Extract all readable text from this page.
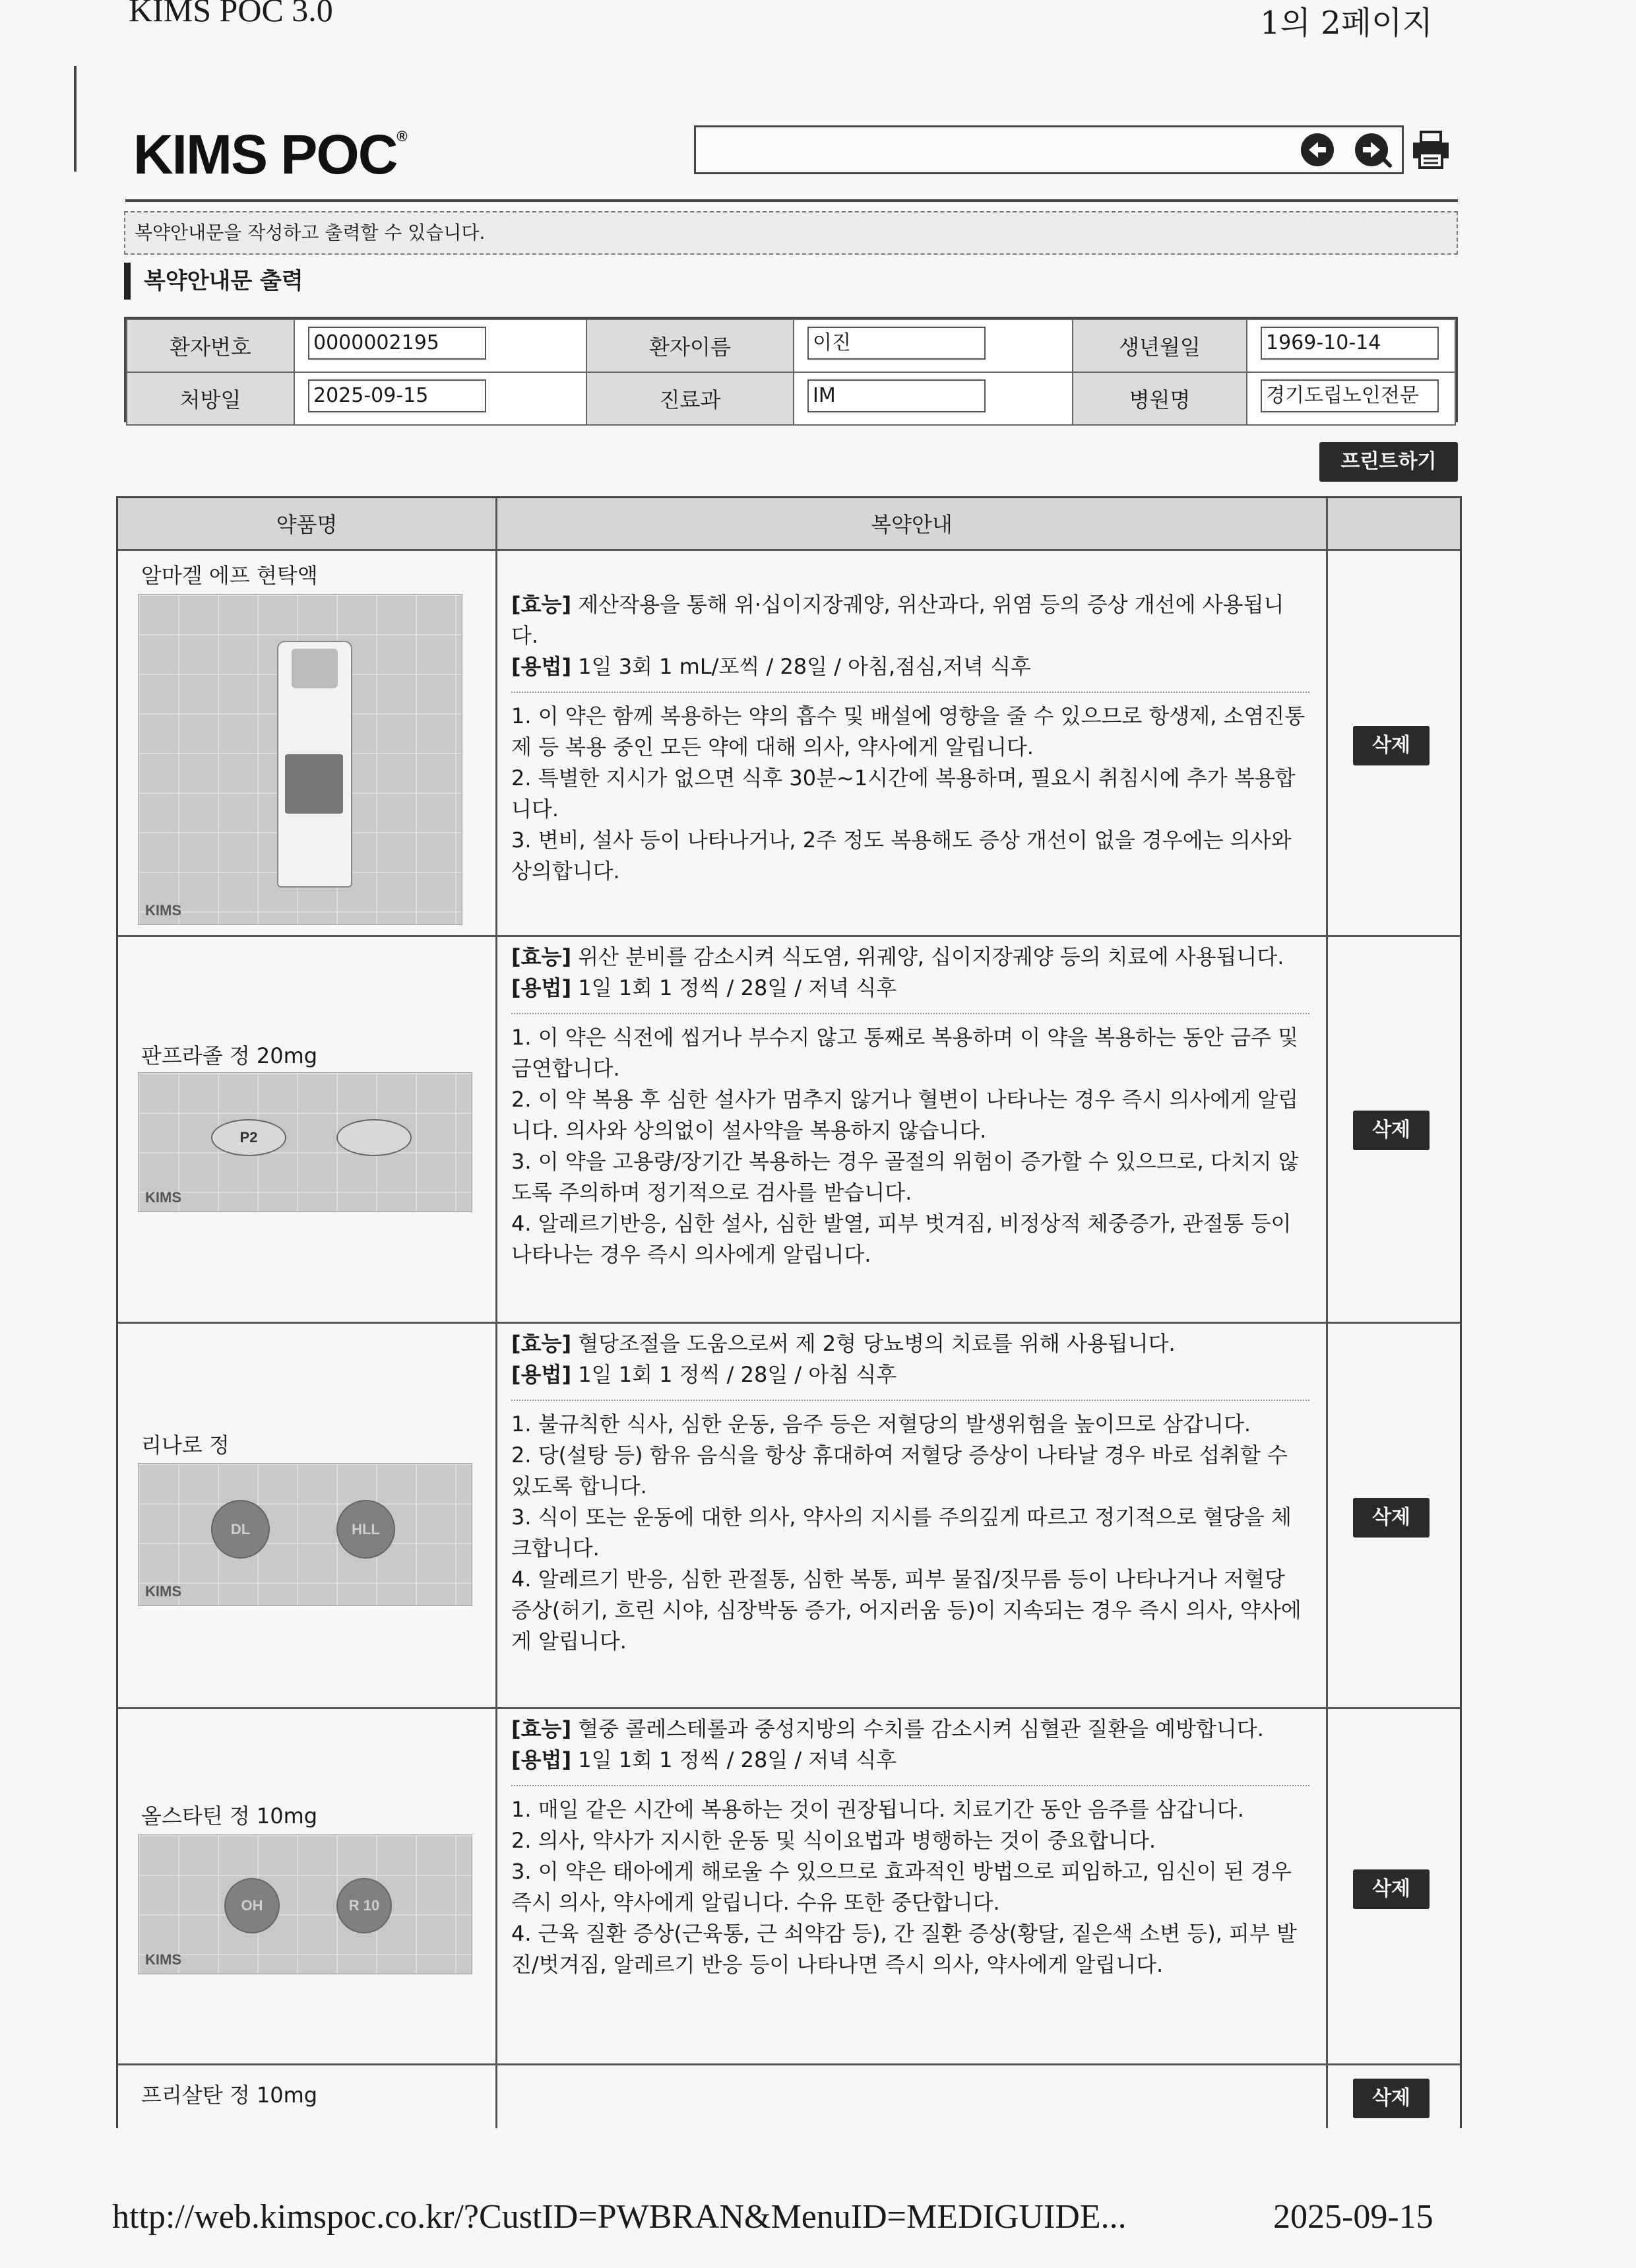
KIMS POC 3.0	1의 2페이지
KIMS POC®
복약안내문을 작성하고 출력할 수 있습니다.
복약안내문 출력
환자번호	0000002195	환자이름	이진	생년월일	1969-10-14
처방일	2025-09-15	진료과	IM	병원명	경기도립노인전문
프린트하기
약품명	복약안내
알마겔 에프 현탁액
KIMS
[효능] 제산작용을 통해 위·십이지장궤양, 위산과다, 위염 등의 증상 개선에 사용됩니다.
[용법] 1일 3회 1 mL/포씩 / 28일 / 아침,점심,저녁 식후
1. 이 약은 함께 복용하는 약의 흡수 및 배설에 영향을 줄 수 있으므로 항생제, 소염진통제 등 복용 중인 모든 약에 대해 의사, 약사에게 알립니다.
2. 특별한 지시가 없으면 식후 30분~1시간에 복용하며, 필요시 취침시에 추가 복용합니다.
3. 변비, 설사 등이 나타나거나, 2주 정도 복용해도 증상 개선이 없을 경우에는 의사와 상의합니다.
삭제
판프라졸 정 20mg
P2
KIMS
[효능] 위산 분비를 감소시켜 식도염, 위궤양, 십이지장궤양 등의 치료에 사용됩니다.
[용법] 1일 1회 1 정씩 / 28일 / 저녁 식후
1. 이 약은 식전에 씹거나 부수지 않고 통째로 복용하며 이 약을 복용하는 동안 금주 및 금연합니다.
2. 이 약 복용 후 심한 설사가 멈추지 않거나 혈변이 나타나는 경우 즉시 의사에게 알립니다. 의사와 상의없이 설사약을 복용하지 않습니다.
3. 이 약을 고용량/장기간 복용하는 경우 골절의 위험이 증가할 수 있으므로, 다치지 않도록 주의하며 정기적으로 검사를 받습니다.
4. 알레르기반응, 심한 설사, 심한 발열, 피부 벗겨짐, 비정상적 체중증가, 관절통 등이 나타나는 경우 즉시 의사에게 알립니다.
삭제
리나로 정
DL	HLL
KIMS
[효능] 혈당조절을 도움으로써 제 2형 당뇨병의 치료를 위해 사용됩니다.
[용법] 1일 1회 1 정씩 / 28일 / 아침 식후
1. 불규칙한 식사, 심한 운동, 음주 등은 저혈당의 발생위험을 높이므로 삼갑니다.
2. 당(설탕 등) 함유 음식을 항상 휴대하여 저혈당 증상이 나타날 경우 바로 섭취할 수 있도록 합니다.
3. 식이 또는 운동에 대한 의사, 약사의 지시를 주의깊게 따르고 정기적으로 혈당을 체크합니다.
4. 알레르기 반응, 심한 관절통, 심한 복통, 피부 물집/짓무름 등이 나타나거나 저혈당 증상(허기, 흐린 시야, 심장박동 증가, 어지러움 등)이 지속되는 경우 즉시 의사, 약사에게 알립니다.
삭제
올스타틴 정 10mg
OH	R 10
KIMS
[효능] 혈중 콜레스테롤과 중성지방의 수치를 감소시켜 심혈관 질환을 예방합니다.
[용법] 1일 1회 1 정씩 / 28일 / 저녁 식후
1. 매일 같은 시간에 복용하는 것이 권장됩니다. 치료기간 동안 음주를 삼갑니다.
2. 의사, 약사가 지시한 운동 및 식이요법과 병행하는 것이 중요합니다.
3. 이 약은 태아에게 해로울 수 있으므로 효과적인 방법으로 피임하고, 임신이 된 경우 즉시 의사, 약사에게 알립니다. 수유 또한 중단합니다.
4. 근육 질환 증상(근육통, 근 쇠약감 등), 간 질환 증상(황달, 짙은색 소변 등), 피부 발진/벗겨짐, 알레르기 반응 등이 나타나면 즉시 의사, 약사에게 알립니다.
삭제
프리살탄 정 10mg	삭제
http://web.kimspoc.co.kr/?CustID=PWBRAN&MenuID=MEDIGUIDE...	2025-09-15
